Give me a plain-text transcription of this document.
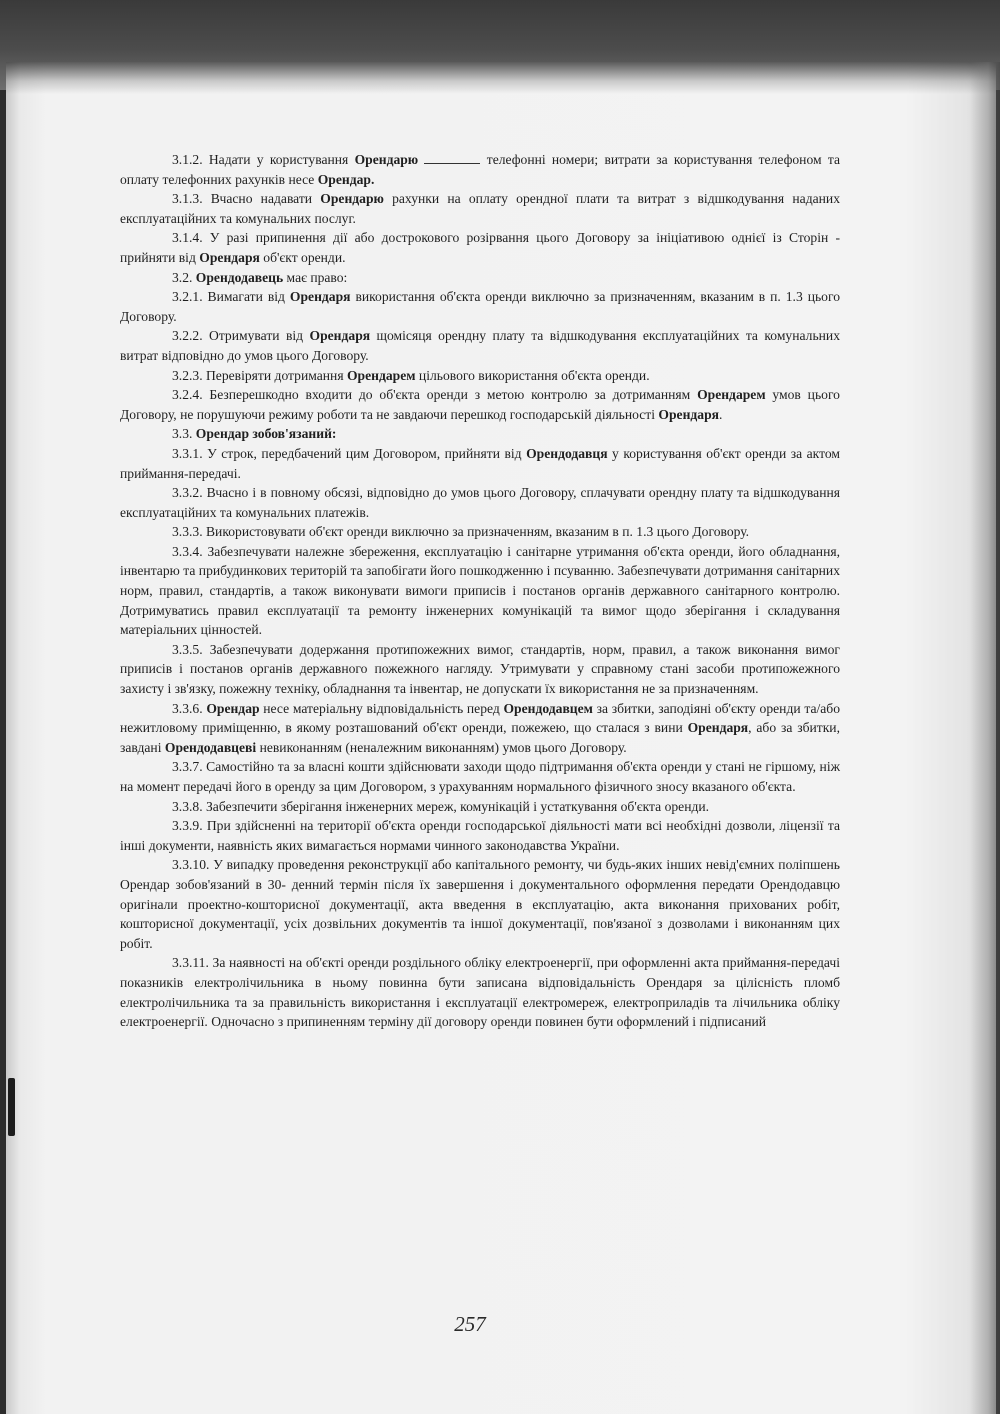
3.1.2. Надати у користування Орендарю	телефонні номери; витрати за користування телефоном та оплату телефонних рахунків несе Орендар.

3.1.3. Вчасно надавати Орендарю рахунки на оплату орендної плати та витрат з відшкодування наданих експлуатаційних та комунальних послуг.

3.1.4. У разі припинення дії або дострокового розірвання цього Договору за ініціативою однієї із Сторін - прийняти від Орендаря об'єкт оренди.

3.2. Орендодавець має право:

3.2.1. Вимагати від Орендаря використання об'єкта оренди виключно за призначенням, вказаним в п. 1.3 цього Договору.

3.2.2. Отримувати від Орендаря щомісяця орендну плату та відшкодування експлуатаційних та комунальних витрат відповідно до умов цього Договору.

3.2.3. Перевіряти дотримання Орендарем цільового використання об'єкта оренди.

3.2.4. Безперешкодно входити до об'єкта оренди з метою контролю за дотриманням Орендарем умов цього Договору, не порушуючи режиму роботи та не завдаючи перешкод господарській діяльності Орендаря.

3.3. Орендар зобов'язаний:

3.3.1. У строк, передбачений цим Договором, прийняти від Орендодавця у користування об'єкт оренди за актом приймання-передачі.

3.3.2. Вчасно і в повному обсязі, відповідно до умов цього Договору, сплачувати орендну плату та відшкодування експлуатаційних та комунальних платежів.

3.3.3. Використовувати об'єкт оренди виключно за призначенням, вказаним в п. 1.3 цього Договору.

3.3.4. Забезпечувати належне збереження, експлуатацію і санітарне утримання об'єкта оренди, його обладнання, інвентарю та прибудинкових територій та запобігати його пошкодженню і псуванню. Забезпечувати дотримання санітарних норм, правил, стандартів, а також виконувати вимоги приписів і постанов органів державного санітарного контролю. Дотримуватись правил експлуатації та ремонту інженерних комунікацій та вимог щодо зберігання і складування матеріальних цінностей.

3.3.5. Забезпечувати додержання протипожежних вимог, стандартів, норм, правил, а також виконання вимог приписів і постанов органів державного пожежного нагляду. Утримувати у справному стані засоби протипожежного захисту і зв'язку, пожежну техніку, обладнання та інвентар, не допускати їх використання не за призначенням.

3.3.6. Орендар несе матеріальну відповідальність перед Орендодавцем за збитки, заподіяні об'єкту оренди та/або нежитловому приміщенню, в якому розташований об'єкт оренди, пожежею, що сталася з вини Орендаря, або за збитки, завдані Орендодавцеві невиконанням (неналежним виконанням) умов цього Договору.

3.3.7. Самостійно та за власні кошти здійснювати заходи щодо підтримання об'єкта оренди у стані не гіршому, ніж на момент передачі його в оренду за цим Договором, з урахуванням нормального фізичного зносу вказаного об'єкта.

3.3.8. Забезпечити зберігання інженерних мереж, комунікацій і устаткування об'єкта оренди.

3.3.9. При здійсненні на території об'єкта оренди господарської діяльності мати всі необхідні дозволи, ліцензії та інші документи, наявність яких вимагається нормами чинного законодавства України.

3.3.10. У випадку проведення реконструкції або капітального ремонту, чи будь-яких інших невід'ємних поліпшень Орендар зобов'язаний в 30- денний термін після їх завершення і документального оформлення передати Орендодавцю оригінали проектно-кошторисної документації, акта введення в експлуатацію, акта виконання прихованих робіт, кошторисної документації, усіх дозвільних документів та іншої документації, пов'язаної з дозволами і виконанням цих робіт.

3.3.11. За наявності на об'єкті оренди роздільного обліку електроенергії, при оформленні акта приймання-передачі показників електролічильника в ньому повинна бути записана відповідальність Орендаря за цілісність пломб електролічильника та за правильність використання і експлуатації електромереж, електроприладів та лічильника обліку електроенергії. Одночасно з припиненням терміну дії договору оренди повинен бути оформлений і підписаний

257
